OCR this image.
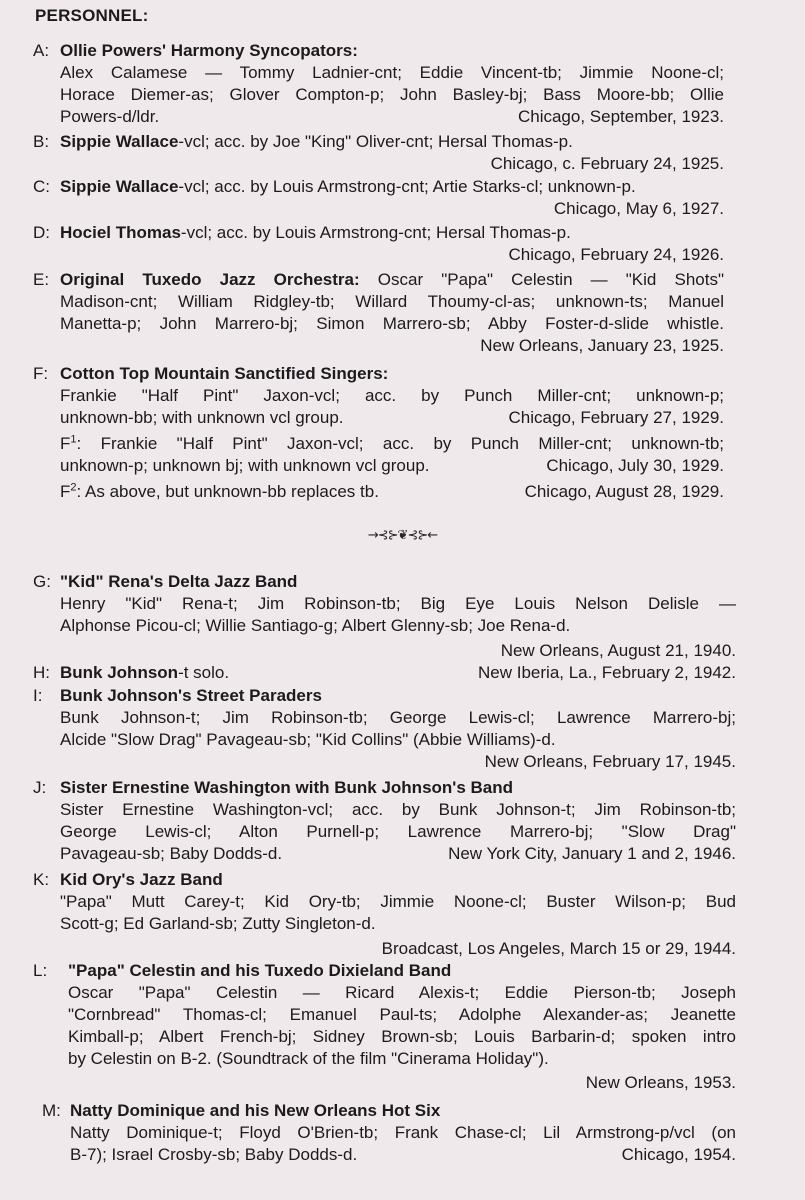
PERSONNEL:
A: Ollie Powers' Harmony Syncopators:
Alex Calamese — Tommy Ladnier-cnt; Eddie Vincent-tb; Jimmie Noone-cl;
Horace Diemer-as; Glover Compton-p; John Basley-bj; Bass Moore-bb; Ollie
Powers-d/ldr.	Chicago, September, 1923.
B: Sippie Wallace-vcl; acc. by Joe "King" Oliver-cnt; Hersal Thomas-p.
Chicago, c. February 24, 1925.
C: Sippie Wallace-vcl; acc. by Louis Armstrong-cnt; Artie Starks-cl; unknown-p.
Chicago, May 6, 1927.
D: Hociel Thomas-vcl; acc. by Louis Armstrong-cnt; Hersal Thomas-p.
Chicago, February 24, 1926.
E: Original Tuxedo Jazz Orchestra: Oscar "Papa" Celestin — "Kid Shots"
Madison-cnt; William Ridgley-tb; Willard Thoumy-cl-as; unknown-ts; Manuel
Manetta-p; John Marrero-bj; Simon Marrero-sb; Abby Foster-d-slide whistle.
New Orleans, January 23, 1925.
F: Cotton Top Mountain Sanctified Singers:
Frankie "Half Pint" Jaxon-vcl; acc. by Punch Miller-cnt; unknown-p;
unknown-bb; with unknown vcl group.	Chicago, February 27, 1929.
$F^1$: Frankie "Half Pint" Jaxon-vcl; acc. by Punch Miller-cnt; unknown-tb;
unknown-p; unknown bj; with unknown vcl group.	Chicago, July 30, 1929.
$F^2$: As above, but unknown-bb replaces tb.	Chicago, August 28, 1929.
→⊰⊱❦⊰⊱←
G: "Kid" Rena's Delta Jazz Band
Henry "Kid" Rena-t; Jim Robinson-tb; Big Eye Louis Nelson Delisle —
Alphonse Picou-cl; Willie Santiago-g; Albert Glenny-sb; Joe Rena-d.
New Orleans, August 21, 1940.
H: Bunk Johnson-t solo.	New Iberia, La., February 2, 1942.
I: Bunk Johnson's Street Paraders
Bunk Johnson-t; Jim Robinson-tb; George Lewis-cl; Lawrence Marrero-bj;
Alcide "Slow Drag" Pavageau-sb; "Kid Collins" (Abbie Williams)-d.
New Orleans, February 17, 1945.
J: Sister Ernestine Washington with Bunk Johnson's Band
Sister Ernestine Washington-vcl; acc. by Bunk Johnson-t; Jim Robinson-tb;
George Lewis-cl; Alton Purnell-p; Lawrence Marrero-bj; "Slow Drag"
Pavageau-sb; Baby Dodds-d.	New York City, January 1 and 2, 1946.
K: Kid Ory's Jazz Band
"Papa" Mutt Carey-t; Kid Ory-tb; Jimmie Noone-cl; Buster Wilson-p; Bud
Scott-g; Ed Garland-sb; Zutty Singleton-d.
Broadcast, Los Angeles, March 15 or 29, 1944.
L: "Papa" Celestin and his Tuxedo Dixieland Band
Oscar "Papa" Celestin — Ricard Alexis-t; Eddie Pierson-tb; Joseph
"Cornbread" Thomas-cl; Emanuel Paul-ts; Adolphe Alexander-as; Jeanette
Kimball-p; Albert French-bj; Sidney Brown-sb; Louis Barbarin-d; spoken intro
by Celestin on B-2. (Soundtrack of the film "Cinerama Holiday").
New Orleans, 1953.
M: Natty Dominique and his New Orleans Hot Six
Natty Dominique-t; Floyd O'Brien-tb; Frank Chase-cl; Lil Armstrong-p/vcl (on
B-7); Israel Crosby-sb; Baby Dodds-d.	Chicago, 1954.
